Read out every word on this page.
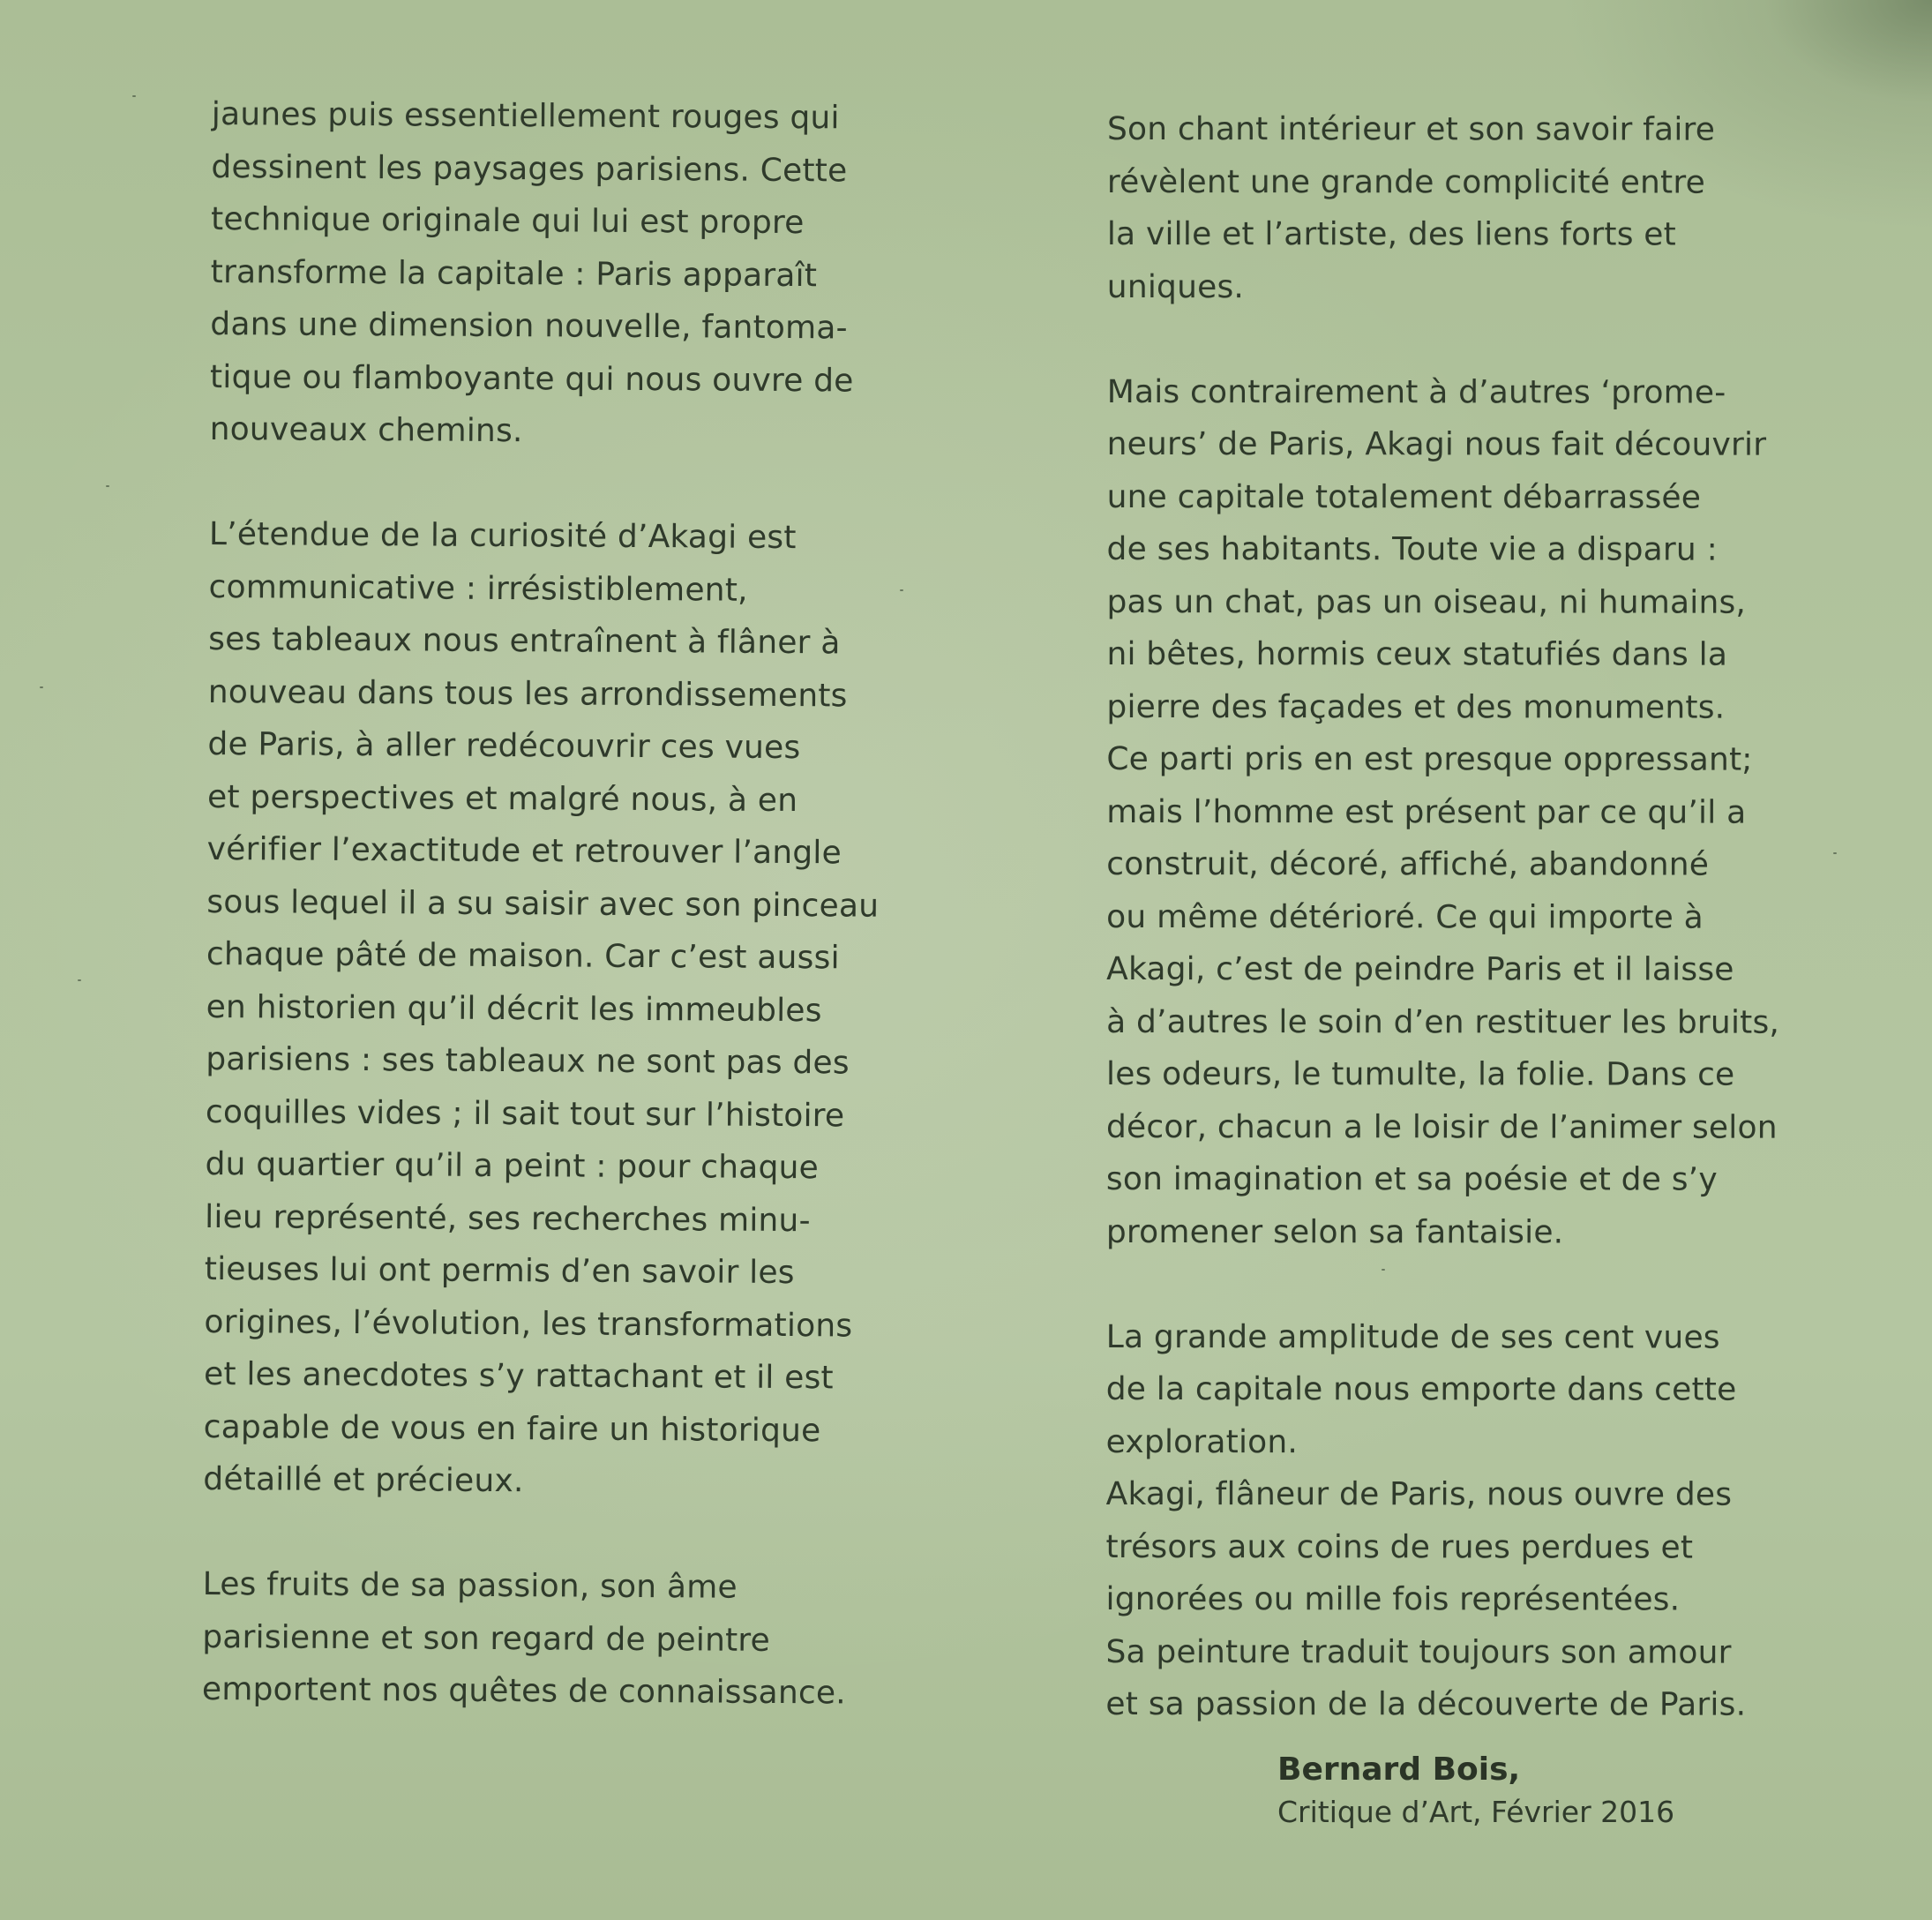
jaunes puis essentiellement rouges qui
dessinent les paysages parisiens. Cette
technique originale qui lui est propre
transforme la capitale : Paris apparaît
dans une dimension nouvelle, fantoma-
tique ou flamboyante qui nous ouvre de
nouveaux chemins.
L’étendue de la curiosité d’Akagi est
communicative : irrésistiblement,
ses tableaux nous entraînent à flâner à
nouveau dans tous les arrondissements
de Paris, à aller redécouvrir ces vues
et perspectives et malgré nous, à en
vérifier l’exactitude et retrouver l’angle
sous lequel il a su saisir avec son pinceau
chaque pâté de maison. Car c’est aussi
en historien qu’il décrit les immeubles
parisiens : ses tableaux ne sont pas des
coquilles vides ; il sait tout sur l’histoire
du quartier qu’il a peint : pour chaque
lieu représenté, ses recherches minu-
tieuses lui ont permis d’en savoir les
origines, l’évolution, les transformations
et les anecdotes s’y rattachant et il est
capable de vous en faire un historique
détaillé et précieux.
Les fruits de sa passion, son âme
parisienne et son regard de peintre
emportent nos quêtes de connaissance.
Son chant intérieur et son savoir faire
révèlent une grande complicité entre
la ville et l’artiste, des liens forts et
uniques.
Mais contrairement à d’autres ‘prome-
neurs’ de Paris, Akagi nous fait découvrir
une capitale totalement débarrassée
de ses habitants. Toute vie a disparu :
pas un chat, pas un oiseau, ni humains,
ni bêtes, hormis ceux statufiés dans la
pierre des façades et des monuments.
Ce parti pris en est presque oppressant;
mais l’homme est présent par ce qu’il a
construit, décoré, affiché, abandonné
ou même détérioré. Ce qui importe à
Akagi, c’est de peindre Paris et il laisse
à d’autres le soin d’en restituer les bruits,
les odeurs, le tumulte, la folie. Dans ce
décor, chacun a le loisir de l’animer selon
son imagination et sa poésie et de s’y
promener selon sa fantaisie.
La grande amplitude de ses cent vues
de la capitale nous emporte dans cette
exploration.
Akagi, flâneur de Paris, nous ouvre des
trésors aux coins de rues perdues et
ignorées ou mille fois représentées.
Sa peinture traduit toujours son amour
et sa passion de la découverte de Paris.
Bernard Bois,
Critique d’Art, Février 2016
